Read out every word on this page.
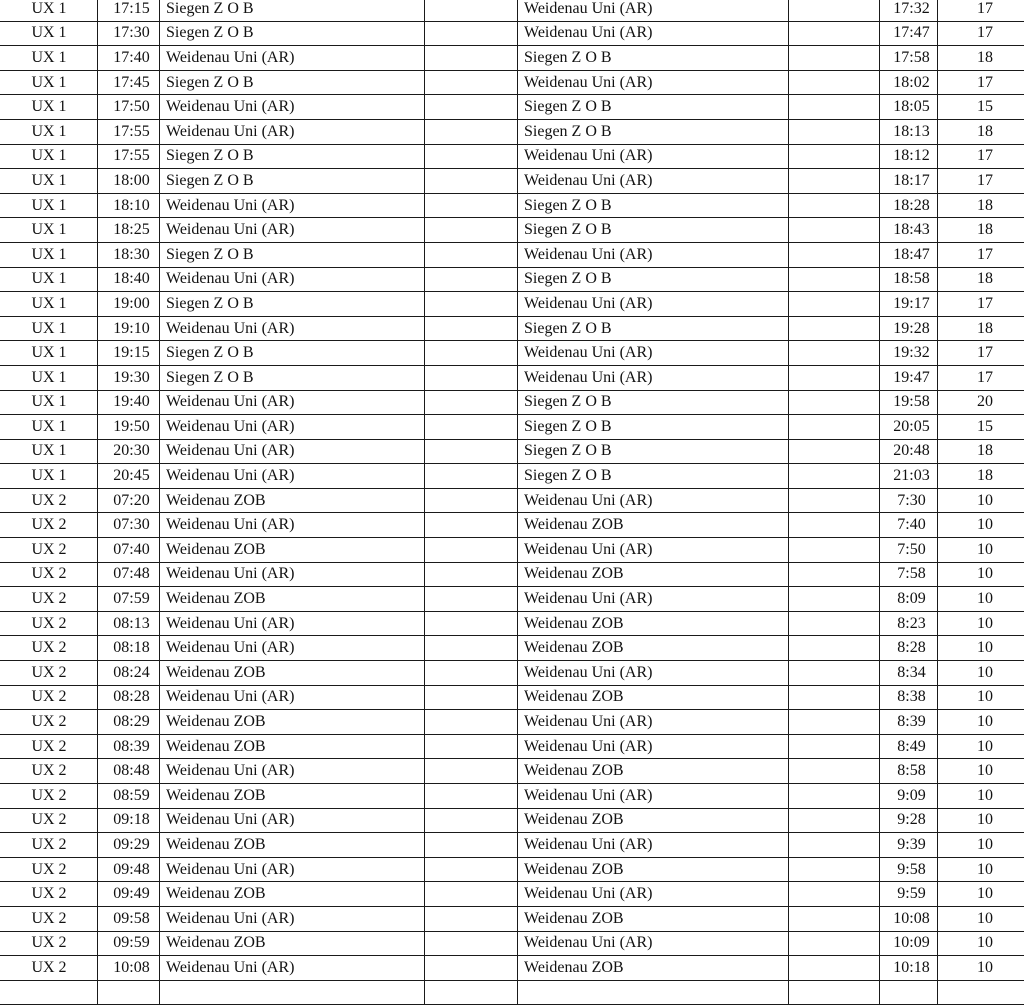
UX 1	17:15	Siegen Z O B		Weidenau Uni (AR)		17:32	17
UX 1	17:30	Siegen Z O B		Weidenau Uni (AR)		17:47	17
UX 1	17:40	Weidenau Uni (AR)		Siegen Z O B		17:58	18
UX 1	17:45	Siegen Z O B		Weidenau Uni (AR)		18:02	17
UX 1	17:50	Weidenau Uni (AR)		Siegen Z O B		18:05	15
UX 1	17:55	Weidenau Uni (AR)		Siegen Z O B		18:13	18
UX 1	17:55	Siegen Z O B		Weidenau Uni (AR)		18:12	17
UX 1	18:00	Siegen Z O B		Weidenau Uni (AR)		18:17	17
UX 1	18:10	Weidenau Uni (AR)		Siegen Z O B		18:28	18
UX 1	18:25	Weidenau Uni (AR)		Siegen Z O B		18:43	18
UX 1	18:30	Siegen Z O B		Weidenau Uni (AR)		18:47	17
UX 1	18:40	Weidenau Uni (AR)		Siegen Z O B		18:58	18
UX 1	19:00	Siegen Z O B		Weidenau Uni (AR)		19:17	17
UX 1	19:10	Weidenau Uni (AR)		Siegen Z O B		19:28	18
UX 1	19:15	Siegen Z O B		Weidenau Uni (AR)		19:32	17
UX 1	19:30	Siegen Z O B		Weidenau Uni (AR)		19:47	17
UX 1	19:40	Weidenau Uni (AR)		Siegen Z O B		19:58	20
UX 1	19:50	Weidenau Uni (AR)		Siegen Z O B		20:05	15
UX 1	20:30	Weidenau Uni (AR)		Siegen Z O B		20:48	18
UX 1	20:45	Weidenau Uni (AR)		Siegen Z O B		21:03	18
UX 2	07:20	Weidenau ZOB		Weidenau Uni (AR)		7:30	10
UX 2	07:30	Weidenau Uni (AR)		Weidenau ZOB		7:40	10
UX 2	07:40	Weidenau ZOB		Weidenau Uni (AR)		7:50	10
UX 2	07:48	Weidenau Uni (AR)		Weidenau ZOB		7:58	10
UX 2	07:59	Weidenau ZOB		Weidenau Uni (AR)		8:09	10
UX 2	08:13	Weidenau Uni (AR)		Weidenau ZOB		8:23	10
UX 2	08:18	Weidenau Uni (AR)		Weidenau ZOB		8:28	10
UX 2	08:24	Weidenau ZOB		Weidenau Uni (AR)		8:34	10
UX 2	08:28	Weidenau Uni (AR)		Weidenau ZOB		8:38	10
UX 2	08:29	Weidenau ZOB		Weidenau Uni (AR)		8:39	10
UX 2	08:39	Weidenau ZOB		Weidenau Uni (AR)		8:49	10
UX 2	08:48	Weidenau Uni (AR)		Weidenau ZOB		8:58	10
UX 2	08:59	Weidenau ZOB		Weidenau Uni (AR)		9:09	10
UX 2	09:18	Weidenau Uni (AR)		Weidenau ZOB		9:28	10
UX 2	09:29	Weidenau ZOB		Weidenau Uni (AR)		9:39	10
UX 2	09:48	Weidenau Uni (AR)		Weidenau ZOB		9:58	10
UX 2	09:49	Weidenau ZOB		Weidenau Uni (AR)		9:59	10
UX 2	09:58	Weidenau Uni (AR)		Weidenau ZOB		10:08	10
UX 2	09:59	Weidenau ZOB		Weidenau Uni (AR)		10:09	10
UX 2	10:08	Weidenau Uni (AR)		Weidenau ZOB		10:18	10
